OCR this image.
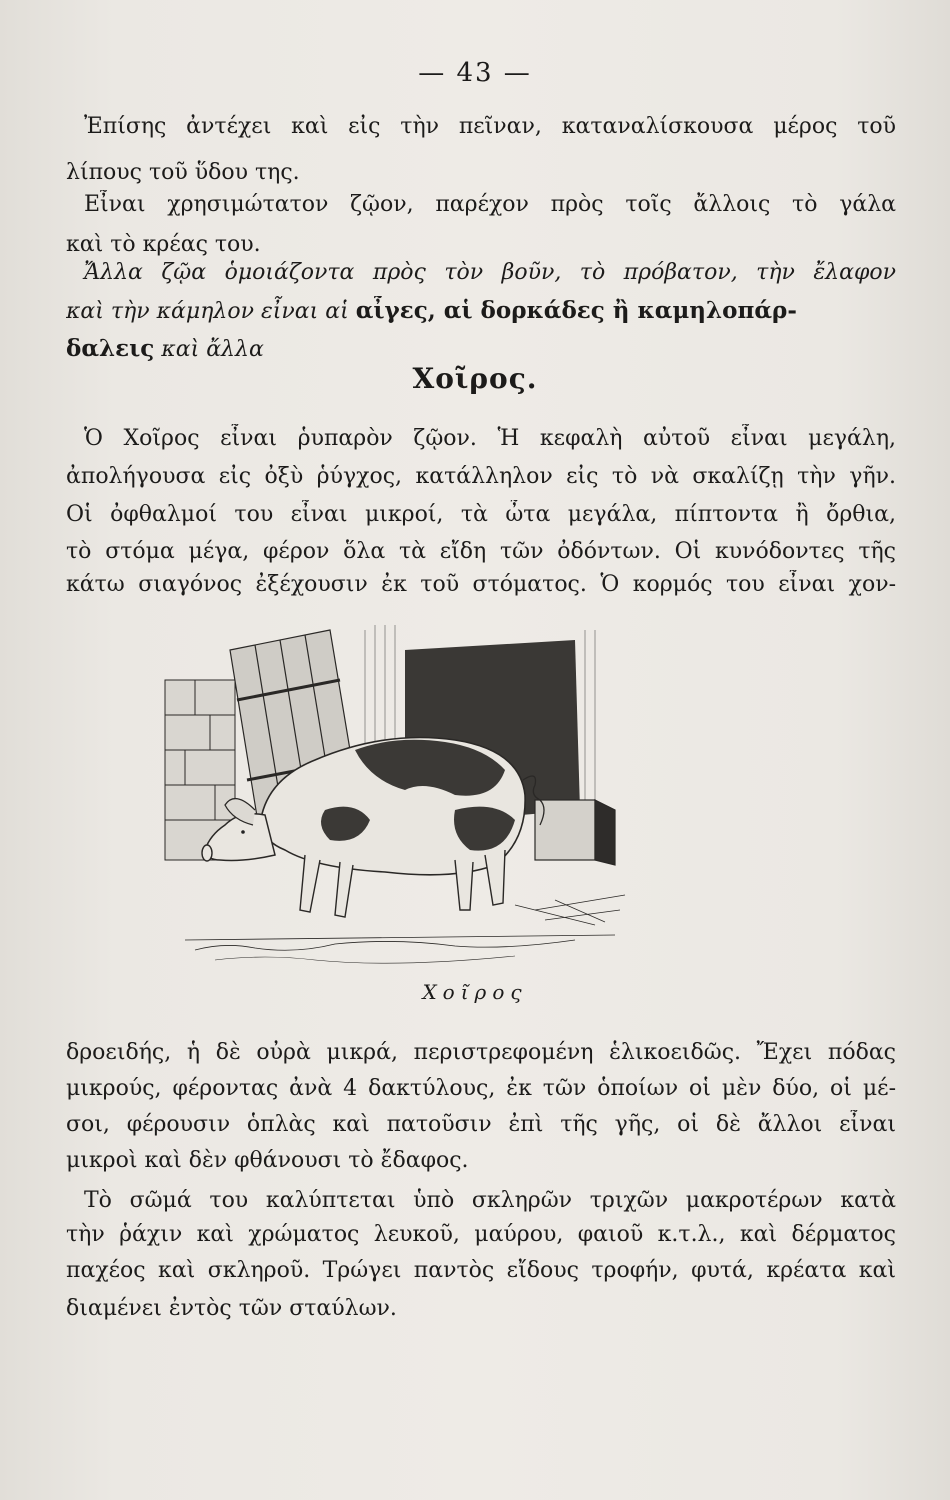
— 43 —
Ἐπίσης ἀντέχει καὶ εἰς τὴν πεῖναν, καταναλίσκουσα μέρος τοῦ
λίπους τοῦ ὕδου της.
Εἶναι χρησιμώτατον ζῷον, παρέχον πρὸς τοῖς ἄλλοις τὸ γάλα
καὶ τὸ κρέας του.
Ἄλλα ζῷα ὁμοιάζοντα πρὸς τὸν βοῦν, τὸ πρόβατον, τὴν ἔλαφον
καὶ τὴν κάμηλον εἶναι αἱ αἶγες, αἱ δορκάδες ἢ καμηλοπάρ-
δαλεις καὶ ἄλλα
Χοῖρος.
Ὁ Χοῖρος εἶναι ῥυπαρὸν ζῷον. Ἡ κεφαλὴ αὐτοῦ εἶναι μεγάλη,
ἀπολήγουσα εἰς ὀξὺ ῥύγχος, κατάλληλον εἰς τὸ νὰ σκαλίζῃ τὴν γῆν.
Οἱ ὀφθαλμοί του εἶναι μικροί, τὰ ὦτα μεγάλα, πίπτοντα ἢ ὄρθια,
τὸ στόμα μέγα, φέρον ὅλα τὰ εἴδη τῶν ὀδόντων. Οἱ κυνόδοντες τῆς
κάτω σιαγόνος ἐξέχουσιν ἐκ τοῦ στόματος. Ὁ κορμός του εἶναι χον-
Χοῖρος
δροειδής, ἡ δὲ οὐρὰ μικρά, περιστρεφομένη ἑλικοειδῶς. Ἔχει πόδας
μικρούς, φέροντας ἀνὰ 4 δακτύλους, ἐκ τῶν ὁποίων οἱ μὲν δύο, οἱ μέ-
σοι, φέρουσιν ὁπλὰς καὶ πατοῦσιν ἐπὶ τῆς γῆς, οἱ δὲ ἄλλοι εἶναι
μικροὶ καὶ δὲν φθάνουσι τὸ ἔδαφος.
Τὸ σῶμά του καλύπτεται ὑπὸ σκληρῶν τριχῶν μακροτέρων κατὰ
τὴν ῥάχιν καὶ χρώματος λευκοῦ, μαύρου, φαιοῦ κ.τ.λ., καὶ δέρματος
παχέος καὶ σκληροῦ. Τρώγει παντὸς εἴδους τροφήν, φυτά, κρέατα καὶ
διαμένει ἐντὸς τῶν σταύλων.
